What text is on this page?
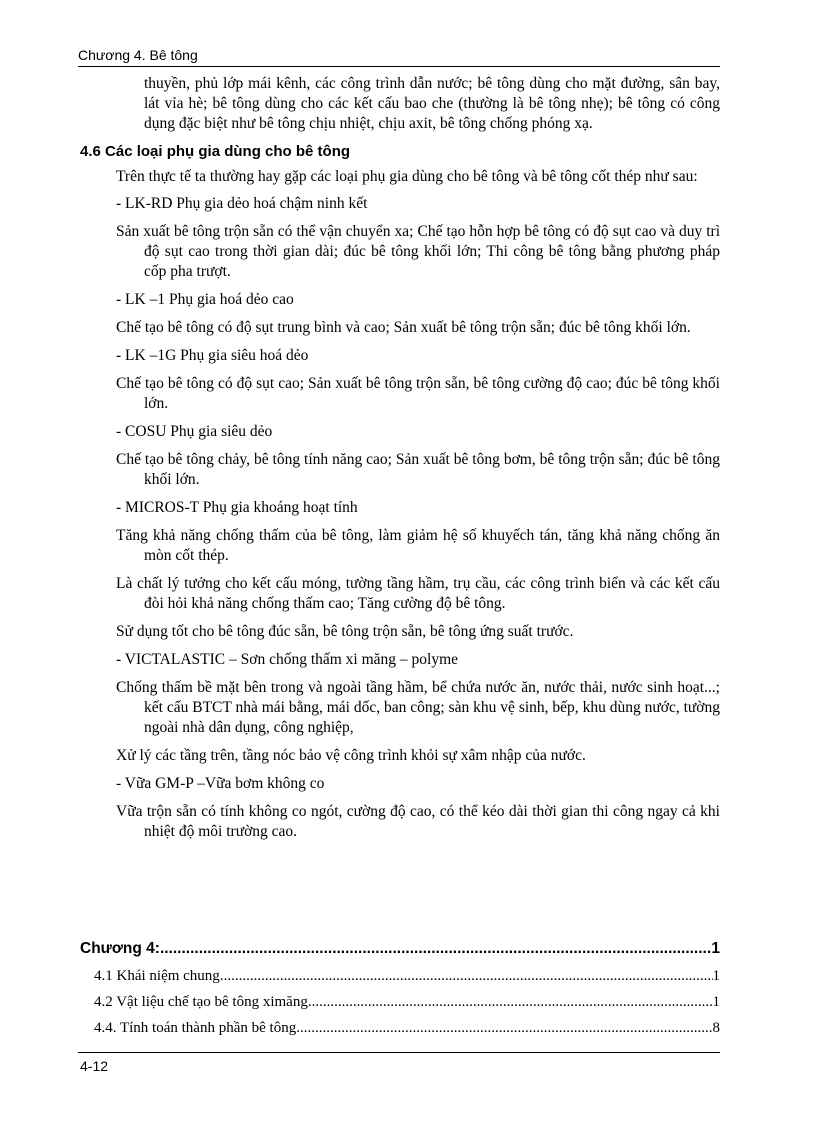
Chương 4. Bê tông

thuyền, phủ lớp mái kênh, các công trình dẫn nước; bê tông dùng cho mặt đường, sân bay, lát vỉa hè; bê tông dùng cho các kết cấu bao che (thường là bê tông nhẹ); bê tông có công dụng đặc biệt như bê tông chịu nhiệt, chịu axit, bê tông chống phóng xạ.

4.6 Các loại phụ gia dùng cho bê tông

Trên thực tế ta thường hay gặp các loại phụ gia dùng cho bê tông và bê tông cốt thép như sau:

- LK-RD Phụ gia dẻo hoá chậm ninh kết

Sản xuất bê tông trộn sẵn có thể vận chuyển xa; Chế tạo hỗn hợp bê tông có độ sụt cao và duy trì độ sụt cao trong thời gian dài; đúc bê tông khối lớn; Thi công bê tông bằng phương pháp cốp pha trượt.

- LK –1 Phụ gia hoá dẻo cao

Chế tạo bê tông có độ sụt trung bình và cao; Sản xuất bê tông trộn sẵn; đúc bê tông khối lớn.

- LK –1G Phụ gia siêu hoá dẻo

Chế tạo bê tông có độ sụt cao; Sản xuất bê tông trộn sẵn, bê tông cường độ cao; đúc bê tông khối lớn.

- COSU Phụ gia siêu dẻo

Chế tạo bê tông chảy, bê tông tính năng cao; Sản xuất bê tông bơm, bê tông trộn sẵn; đúc bê tông khối lớn.

- MICROS-T Phụ gia khoáng hoạt tính

Tăng khả năng chống thấm của bê tông, làm giảm hệ số khuyếch tán, tăng khả năng chống ăn mòn cốt thép.

Là chất lý tưởng cho kết cấu móng, tường tầng hầm, trụ cầu, các công trình biển và các kết cấu đòi hỏi khả năng chống thấm cao; Tăng cường độ bê tông.

Sử dụng tốt cho bê tông đúc sẵn, bê tông trộn sẵn, bê tông ứng suất trước.

- VICTALASTIC – Sơn chống thấm xi măng – polyme

Chống thấm bề mặt bên trong và ngoài tầng hầm, bể chứa nước ăn, nước thải, nước sinh hoạt...; kết cấu BTCT nhà mái bằng, mái dốc, ban công; sàn khu vệ sinh, bếp, khu dùng nước, tường ngoài nhà dân dụng, công nghiệp,

Xử lý các tầng trên, tầng nóc bảo vệ công trình khỏi sự xâm nhập của nước.

- Vữa GM-P –Vữa bơm không co

Vữa trộn sẵn có tính không co ngót, cường độ cao, có thể kéo dài thời gian thi công ngay cả khi nhiệt độ môi trường cao.

Chương 4: .....	1
4.1 Khái niệm chung .....	1
4.2 Vật liệu chế tạo bê tông ximăng .....	1
4.4. Tính toán thành phần bê tông .....	8
4-12
